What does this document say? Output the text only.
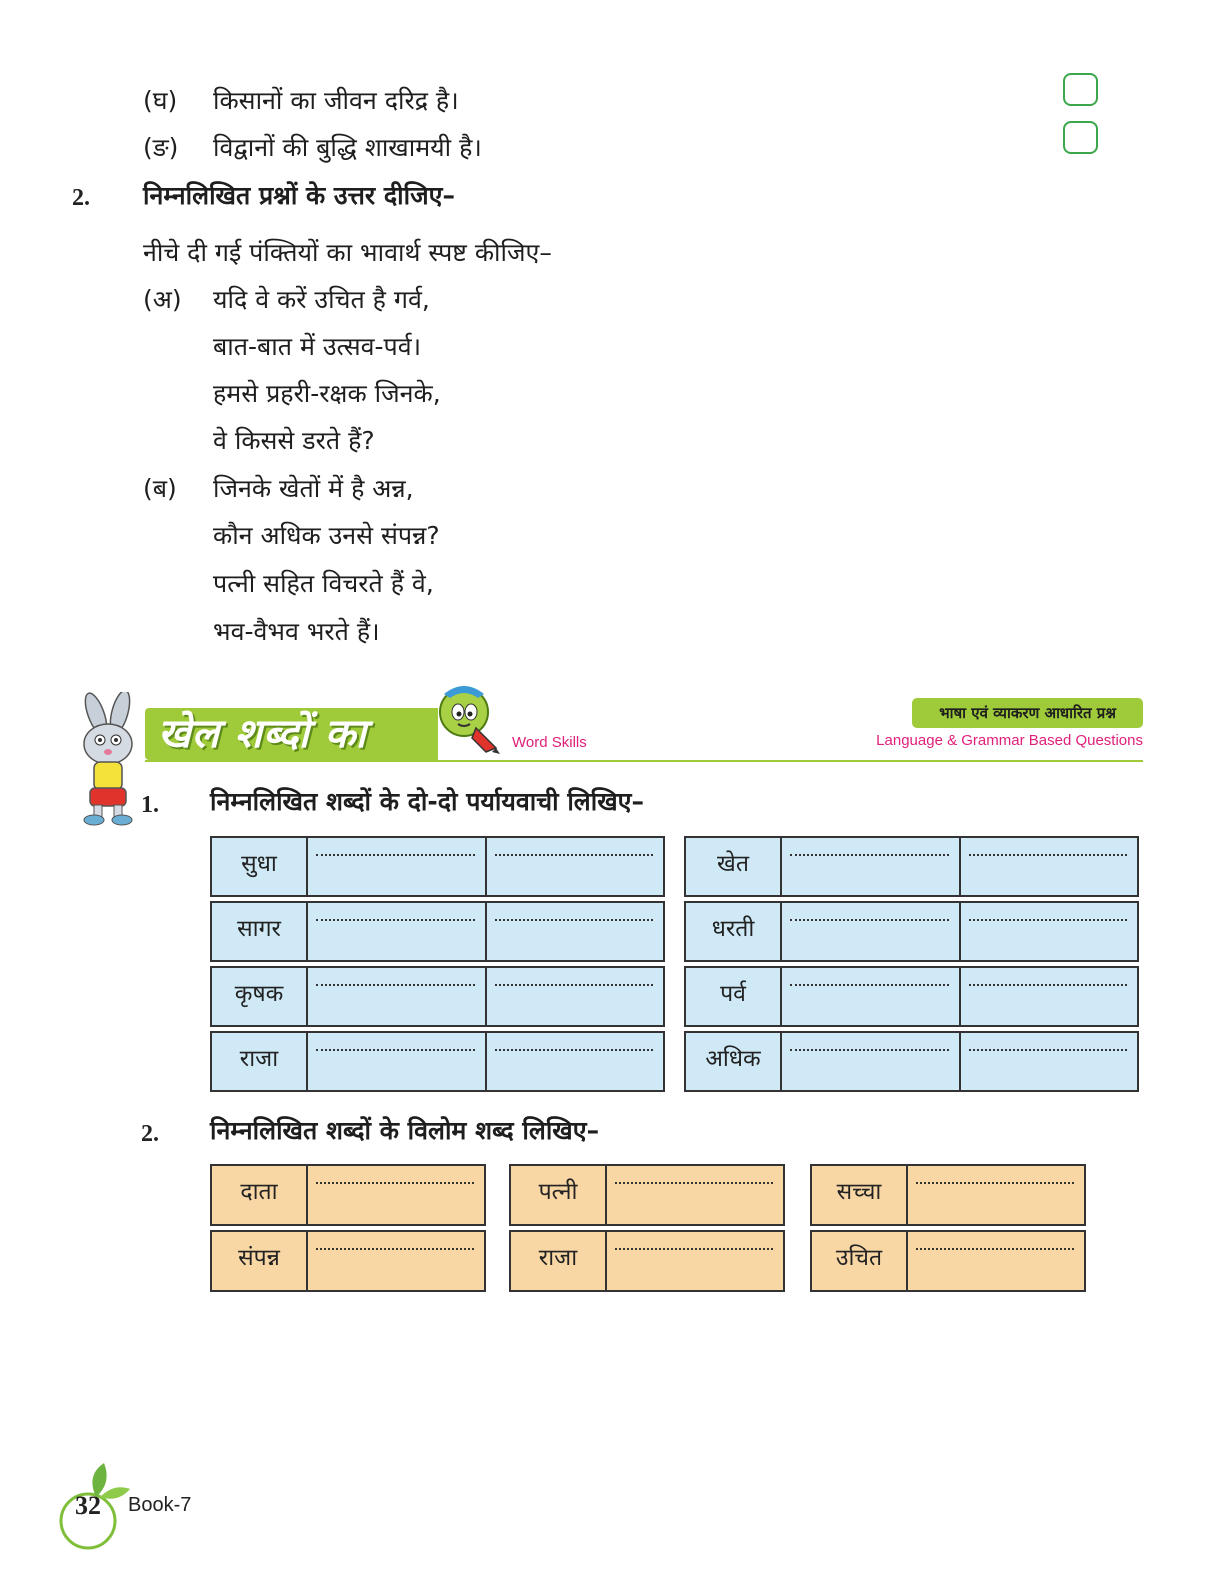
(घ) किसानों का जीवन दरिद्र है।
(ङ) विद्वानों की बुद्धि शाखामयी है।
2. निम्नलिखित प्रश्नों के उत्तर दीजिए–
नीचे दी गई पंक्तियों का भावार्थ स्पष्ट कीजिए–
(अ) यदि वे करें उचित है गर्व,
बात-बात में उत्सव-पर्व।
हमसे प्रहरी-रक्षक जिनके,
वे किससे डरते हैं?
(ब) जिनके खेतों में है अन्न,
कौन अधिक उनसे संपन्न?
पत्नी सहित विचरते हैं वे,
भव-वैभव भरते हैं।
खेल शब्दों का	Word Skills
भाषा एवं व्याकरण आधारित प्रश्न
Language & Grammar Based Questions
1. निम्नलिखित शब्दों के दो-दो पर्यायवाची लिखिए–
सुधा
सागर
कृषक
राजा
खेत
धरती
पर्व
अधिक
2. निम्नलिखित शब्दों के विलोम शब्द लिखिए–
दाता
संपन्न
पत्नी
राजा
सच्चा
उचित
32	Book-7
